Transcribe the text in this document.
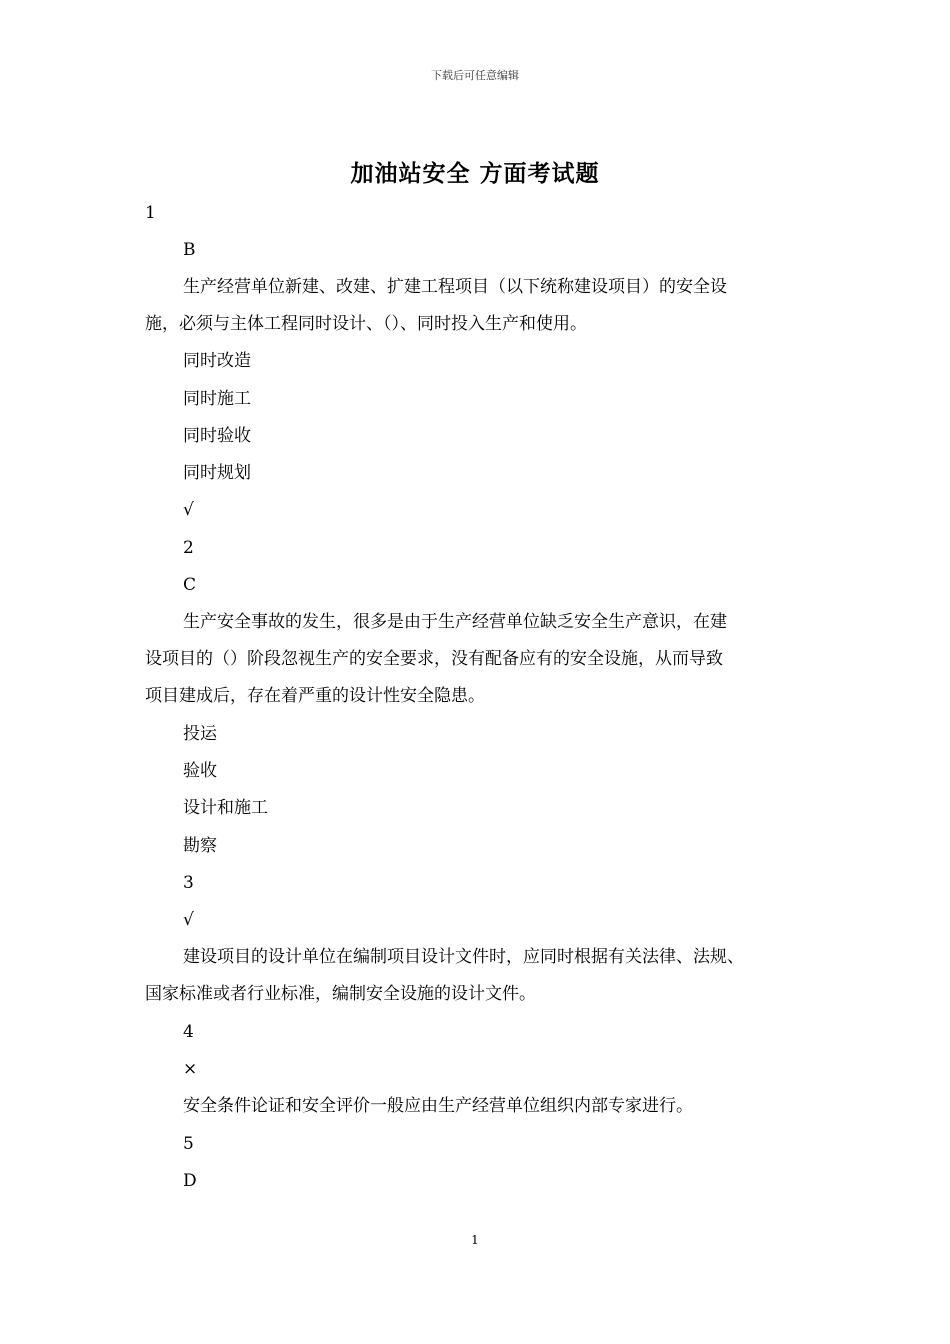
下载后可任意编辑
加油站安全 方面考试题
1
B
生产经营单位新建、改建、扩建工程项目（以下统称建设项目）的安全设
施，必须与主体工程同时设计、（）、同时投入生产和使用。
同时改造
同时施工
同时验收
同时规划
√
2
C
生产安全事故的发生，很多是由于生产经营单位缺乏安全生产意识，在建
设项目的（）阶段忽视生产的安全要求，没有配备应有的安全设施，从而导致
项目建成后，存在着严重的设计性安全隐患。
投运
验收
设计和施工
勘察
3
√
建设项目的设计单位在编制项目设计文件时，应同时根据有关法律、法规、
国家标准或者行业标准，编制安全设施的设计文件。
4
×
安全条件论证和安全评价一般应由生产经营单位组织内部专家进行。
5
D
1
